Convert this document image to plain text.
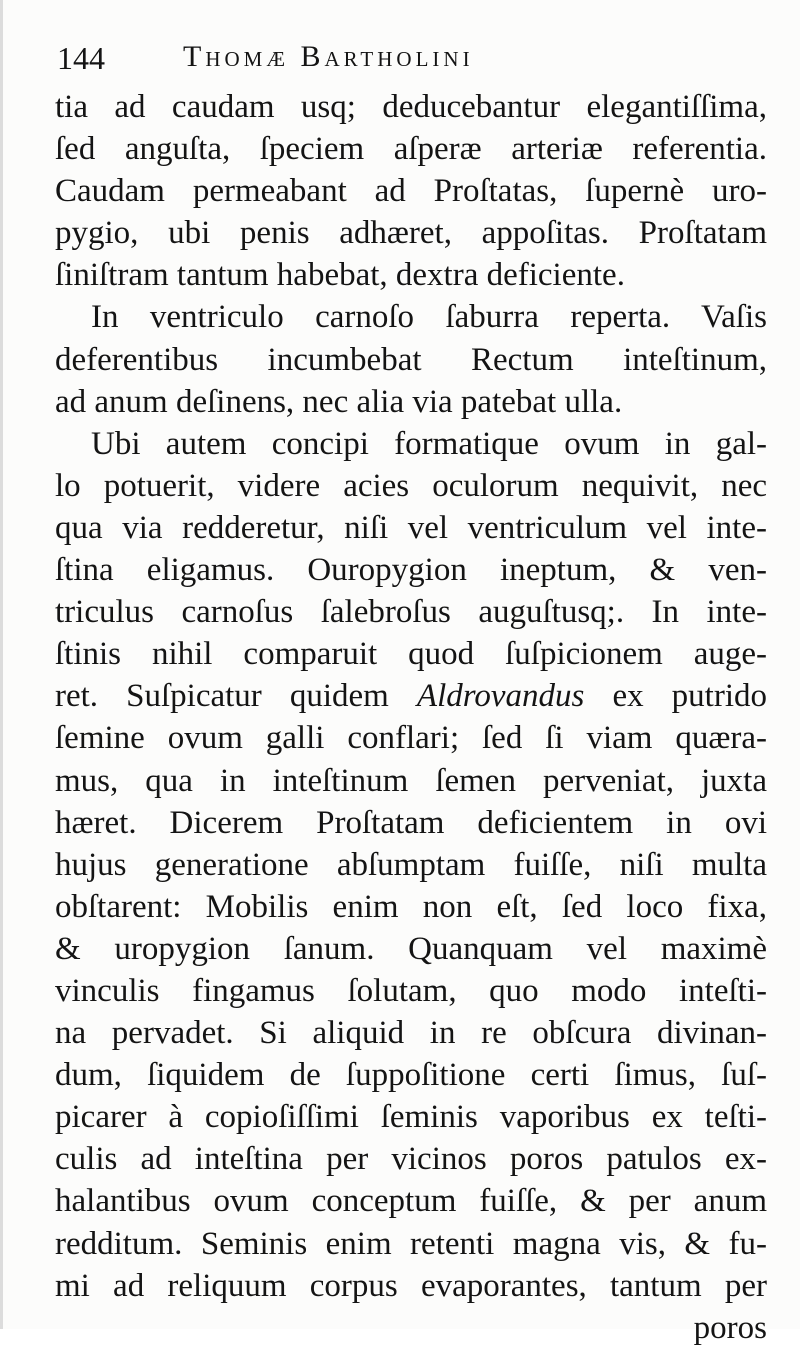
144	Thomæ Bartholini
tia ad caudam usq; deducebantur elegantiſſima,
ſed anguſta, ſpeciem aſperæ arteriæ referentia.
Caudam permeabant ad Proſtatas, ſupernè uro-
pygio, ubi penis adhæret, appoſitas. Proſtatam
ſiniſtram tantum habebat, dextra deficiente.
In ventriculo carnoſo ſaburra reperta. Vaſis
deferentibus incumbebat Rectum inteſtinum,
ad anum deſinens, nec alia via patebat ulla.
Ubi autem concipi formatique ovum in gal-
lo potuerit, videre acies oculorum nequivit, nec
qua via redderetur, niſi vel ventriculum vel inte-
ſtina eligamus. Ouropygion ineptum, & ven-
triculus carnoſus ſalebroſus auguſtusq;. In inte-
ſtinis nihil comparuit quod ſuſpicionem auge-
ret. Suſpicatur quidem Aldrovandus ex putrido
ſemine ovum galli conflari; ſed ſi viam quæra-
mus, qua in inteſtinum ſemen perveniat, juxta
hæret. Dicerem Proſtatam deficientem in ovi
hujus generatione abſumptam fuiſſe, niſi multa
obſtarent: Mobilis enim non eſt, ſed loco fixa,
& uropygion ſanum. Quanquam vel maximè
vinculis fingamus ſolutam, quo modo inteſti-
na pervadet. Si aliquid in re obſcura divinan-
dum, ſiquidem de ſuppoſitione certi ſimus, ſuſ-
picarer à copioſiſſimi ſeminis vaporibus ex teſti-
culis ad inteſtina per vicinos poros patulos ex-
halantibus ovum conceptum fuiſſe, & per anum
redditum. Seminis enim retenti magna vis, & fu-
mi ad reliquum corpus evaporantes, tantum per
poros
